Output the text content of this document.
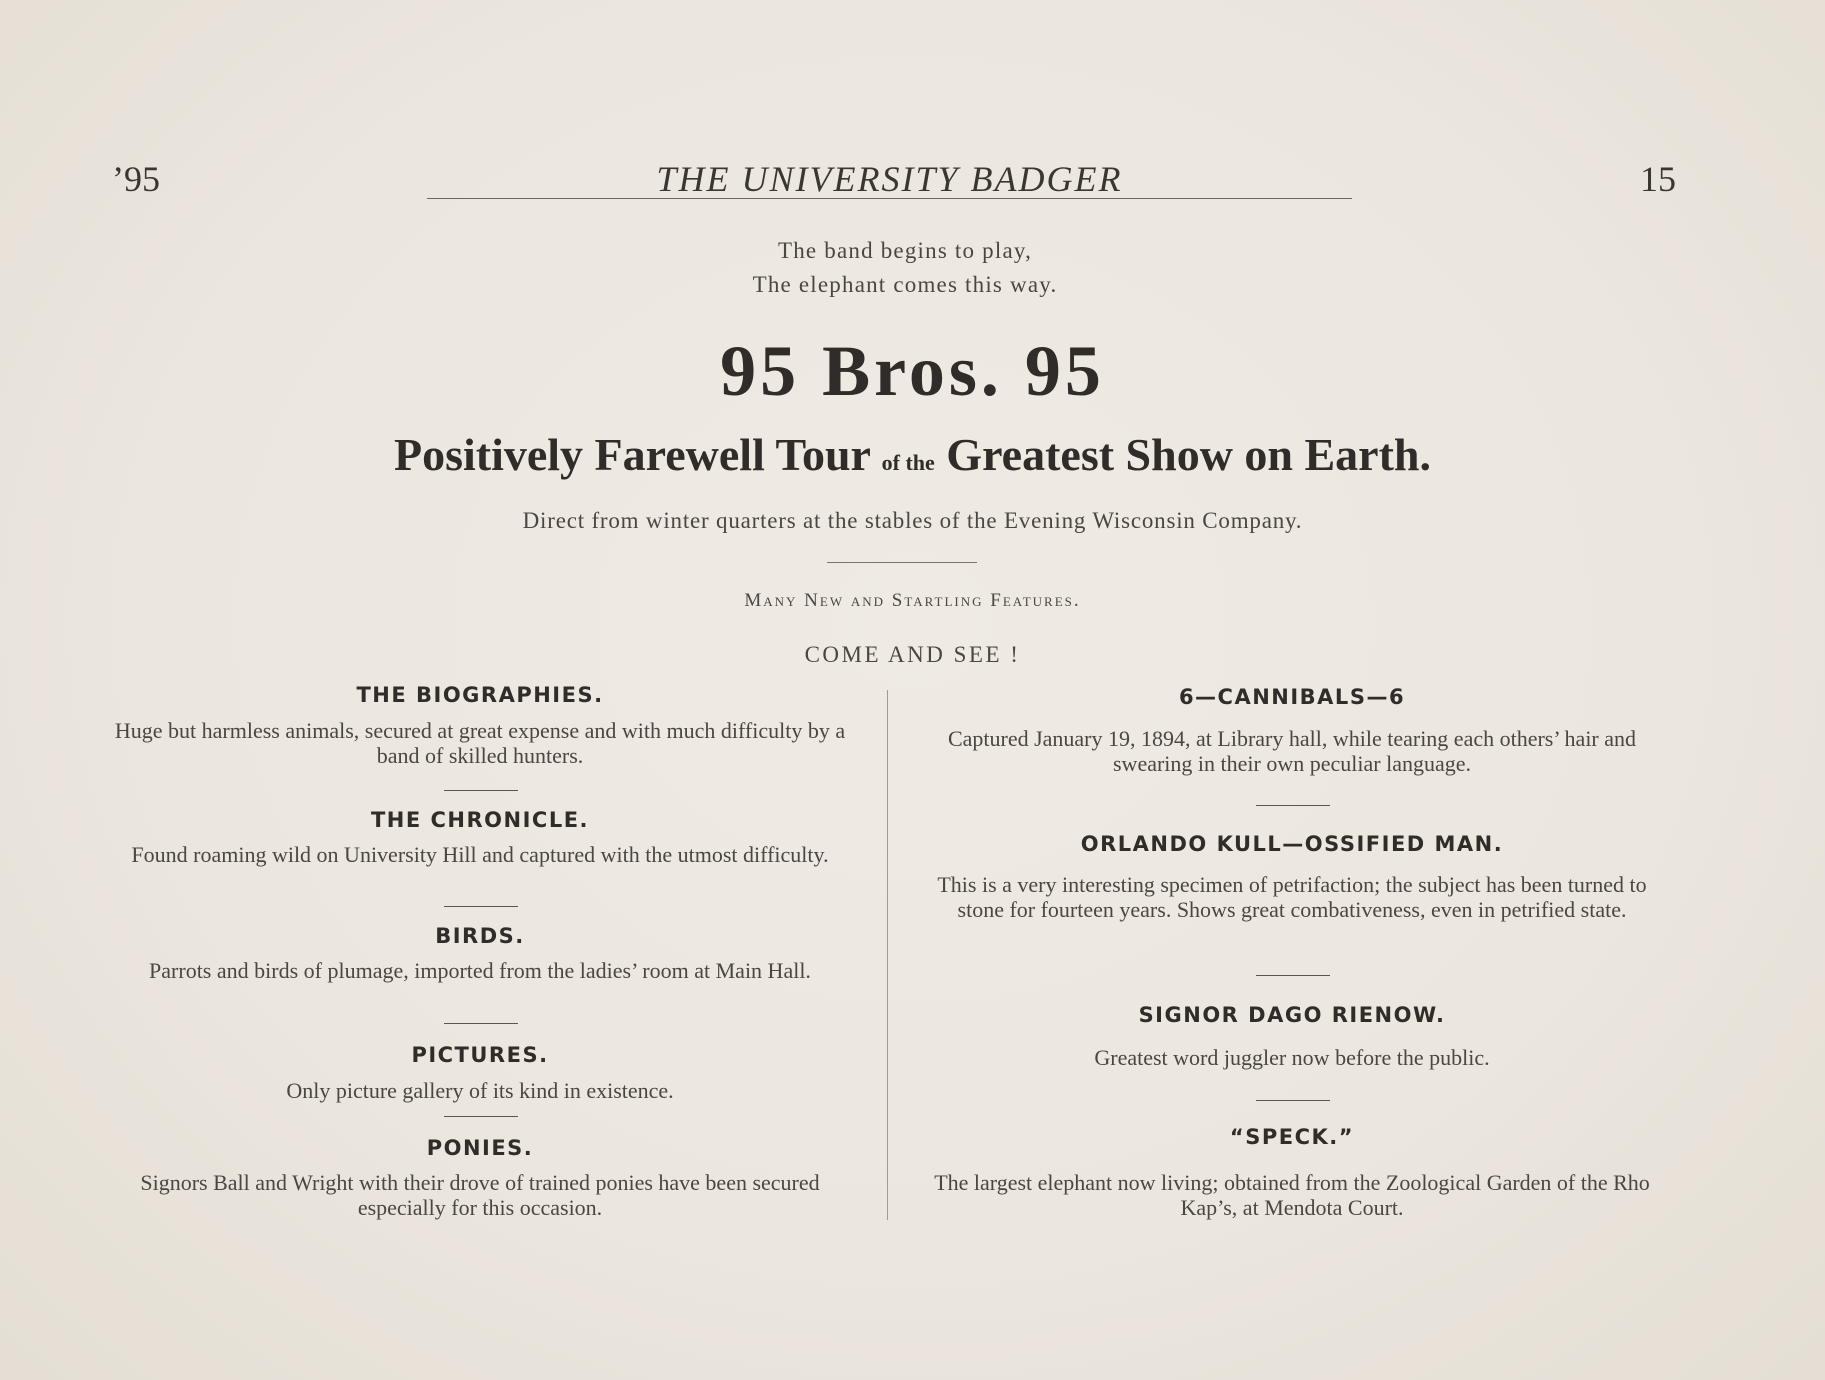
’95	THE UNIVERSITY BADGER	15
The band begins to play,
The elephant comes this way.
95 Bros. 95
Positively Farewell Tour of the Greatest Show on Earth.
Direct from winter quarters at the stables of the Evening Wisconsin Company.
Many New and Startling Features.
COME AND SEE !
THE BIOGRAPHIES.
Huge but harmless animals, secured at great expense and with much difficulty by a band of skilled hunters.
THE CHRONICLE.
Found roaming wild on University Hill and captured with the utmost difficulty.
BIRDS.
Parrots and birds of plumage, imported from the ladies’ room at Main Hall.
PICTURES.
Only picture gallery of its kind in existence.
PONIES.
Signors Ball and Wright with their drove of trained ponies have been secured especially for this occasion.
6—CANNIBALS—6
Captured January 19, 1894, at Library hall, while tearing each others’ hair and swearing in their own peculiar language.
ORLANDO KULL—OSSIFIED MAN.
This is a very interesting specimen of petrifaction; the subject has been turned to stone for fourteen years. Shows great combativeness, even in petrified state.
SIGNOR DAGO RIENOW.
Greatest word juggler now before the public.
“SPECK.”
The largest elephant now living; obtained from the Zoological Garden of the Rho Kap’s, at Mendota Court.
